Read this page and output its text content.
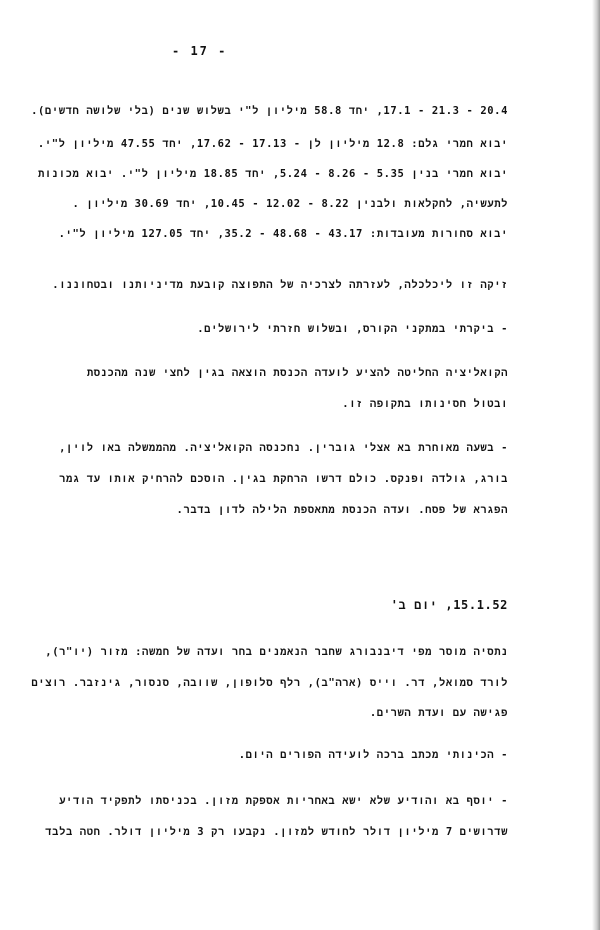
- 17 -
20.4 - 21.3 - 17.1, יחד 58.8 מיליון ל"י בשלוש שנים (בלי שלושה חדשים).
יבוא חמרי גלם: 12.8 מיליון לן - 17.13 - 17.62, יחד 47.55 מיליון ל"י.
יבוא חמרי בנין 5.35 - 8.26 - 5.24, יחד 18.85 מיליון ל"י. יבוא מכונות
לתעשיה, לחקלאות ולבנין 8.22 - 12.02 - 10.45, יחד 30.69 מיליון .
יבוא סחורות מעובדות: 43.17 - 48.68 - 35.2, יחד 127.05 מיליון ל"י.
זיקה זו ליכלכלה, לעזרתה לצרכיה של התפוצה קובעת מדיניותנו ובטחוננו.
- ביקרתי במתקני הקורס, ובשלוש חזרתי לירושלים.
הקואליציה החליטה להציע לועדה הכנסת הוצאה בגין לחצי שנה מהכנסת
ובטול חסינותו בתקופה זו.
- בשעה מאוחרת בא אצלי גוברין. נחכנסה הקואליציה. מהממשלה באו לוין,
בורג, גולדה ופנקס. כולם דרשו הרחקת בגין. הוסכם להרחיק אותו עד גמר
הפגרא של פסח. ועדה הכנסת מתאספת הלילה לדון בדבר.
15.1.52, יום ב'
נתסיה מוסר מפי דיבנבורג שחבר הנאמנים בחר ועדה של חמשה: מזור (יו"ר),
לורד סמואל, דר. וייס (ארה"ב), רלף סלופון, שוובה, סנסור, גינזבר. רוצים
פגישה עם ועדת השרים.
- הכינותי מכתב ברכה לועידה הפורים היום.
- יוסף בא והודיע שלא ישא באחריות אספקת מזון. בכניסתו לתפקיד הודיע
שדרושים 7 מיליון דולר לחודש למזון. נקבעו רק 3 מיליון דולר. חטה בלבד
